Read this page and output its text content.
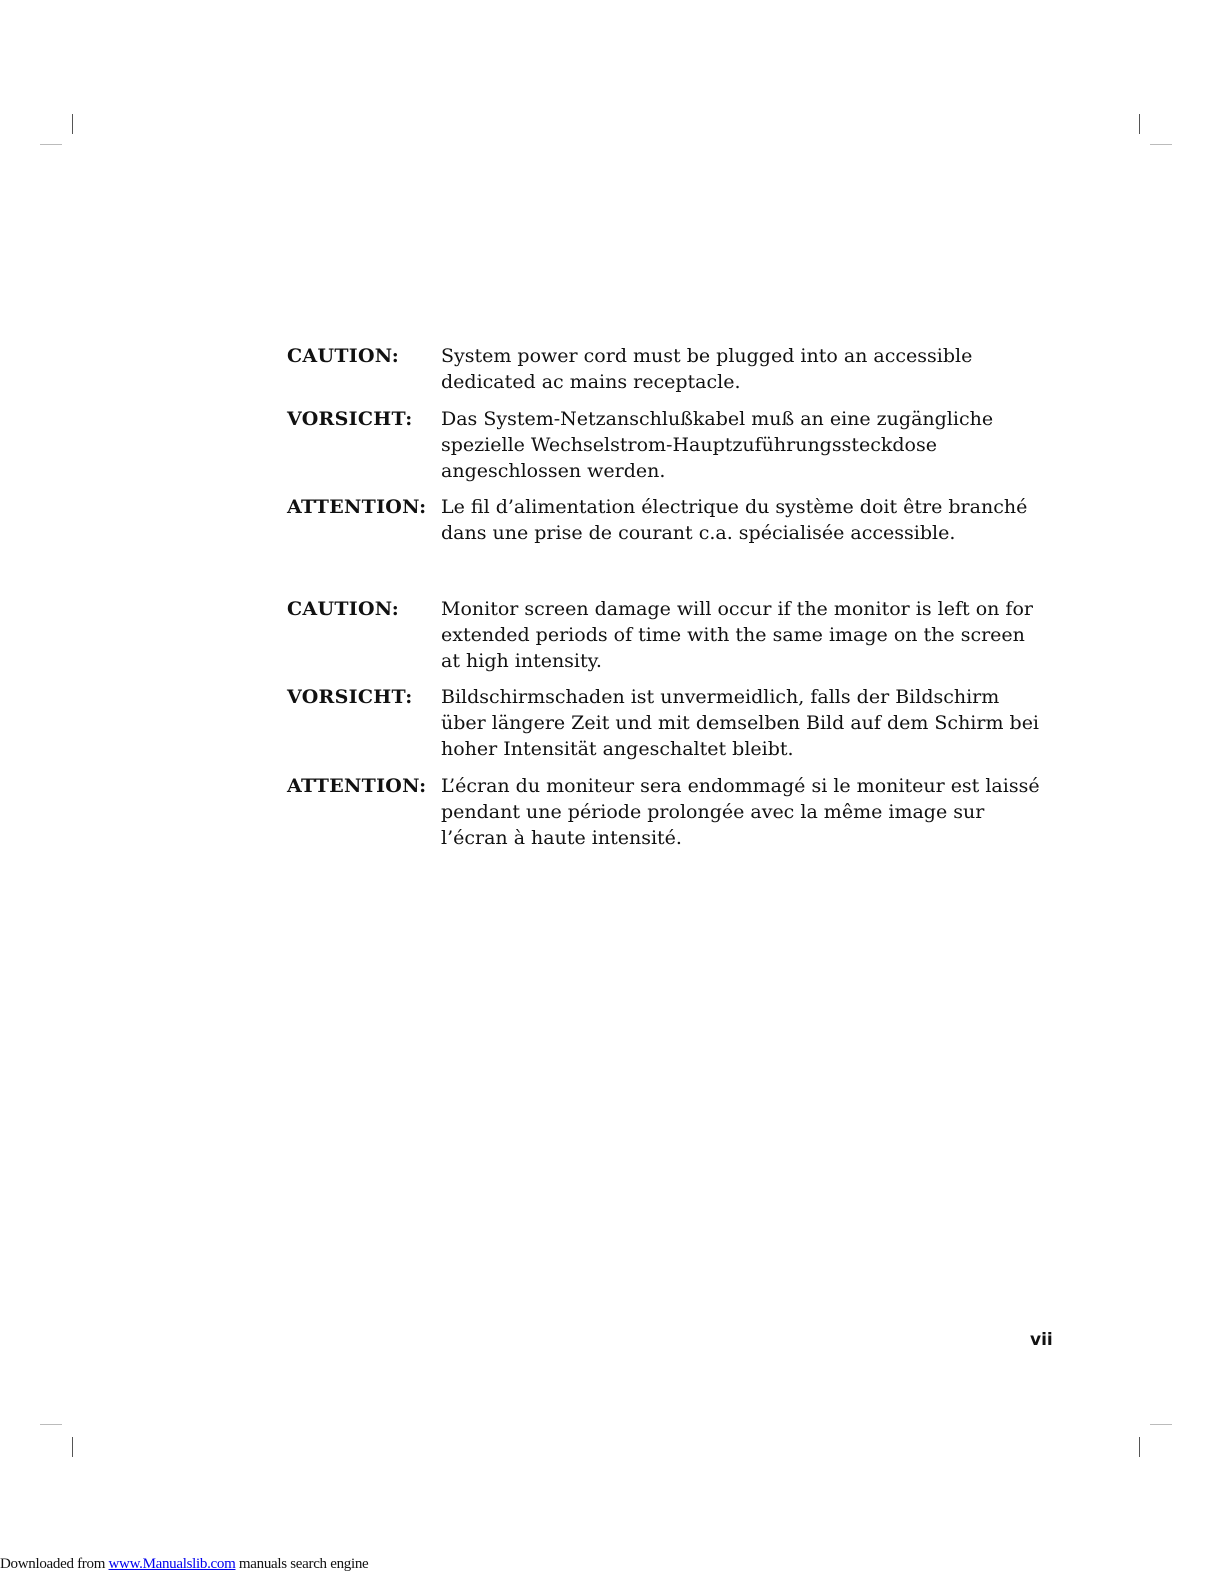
CAUTION:	System power cord must be plugged into an accessible dedicated ac mains receptacle.

VORSICHT:	Das System-Netzanschlußkabel muß an eine zugängliche spezielle Wechselstrom-Hauptzuführungssteckdose angeschlossen werden.

ATTENTION: Le fil d’alimentation électrique du système doit être branché dans une prise de courant c.a. spécialisée accessible.

CAUTION:	Monitor screen damage will occur if the monitor is left on for extended periods of time with the same image on the screen at high intensity.

VORSICHT:	Bildschirmschaden ist unvermeidlich, falls der Bildschirm über längere Zeit und mit demselben Bild auf dem Schirm bei hoher Intensität angeschaltet bleibt.

ATTENTION: L’écran du moniteur sera endommagé si le moniteur est laissé pendant une période prolongée avec la même image sur l’écran à haute intensité.

vii
Downloaded from www.Manualslib.com manuals search engine
